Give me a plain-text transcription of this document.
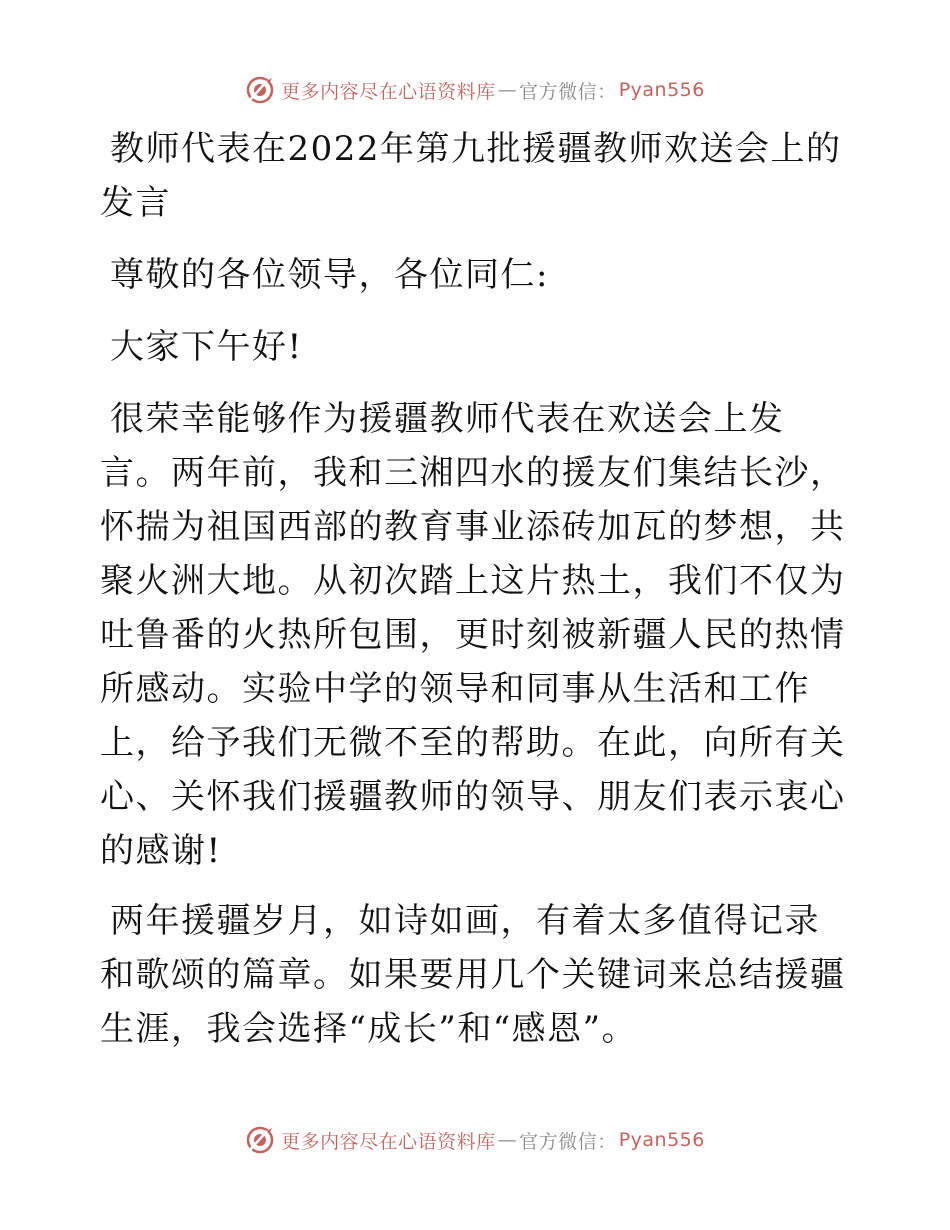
更多内容尽在心语资料库 — 官方微信： Pyan556

教师代表在2022年第九批援疆教师欢送会上的发言

尊敬的各位领导，各位同仁:

大家下午好!

很荣幸能够作为援疆教师代表在欢送会上发言。两年前，我和三湘四水的援友们集结长沙，怀揣为祖国西部的教育事业添砖加瓦的梦想，共聚火洲大地。从初次踏上这片热土，我们不仅为吐鲁番的火热所包围，更时刻被新疆人民的热情所感动。实验中学的领导和同事从生活和工作上，给予我们无微不至的帮助。在此，向所有关心、关怀我们援疆教师的领导、朋友们表示衷心的感谢!

两年援疆岁月，如诗如画，有着太多值得记录和歌颂的篇章。如果要用几个关键词来总结援疆生涯，我会选择“成长”和“感恩”。

更多内容尽在心语资料库 — 官方微信： Pyan556
